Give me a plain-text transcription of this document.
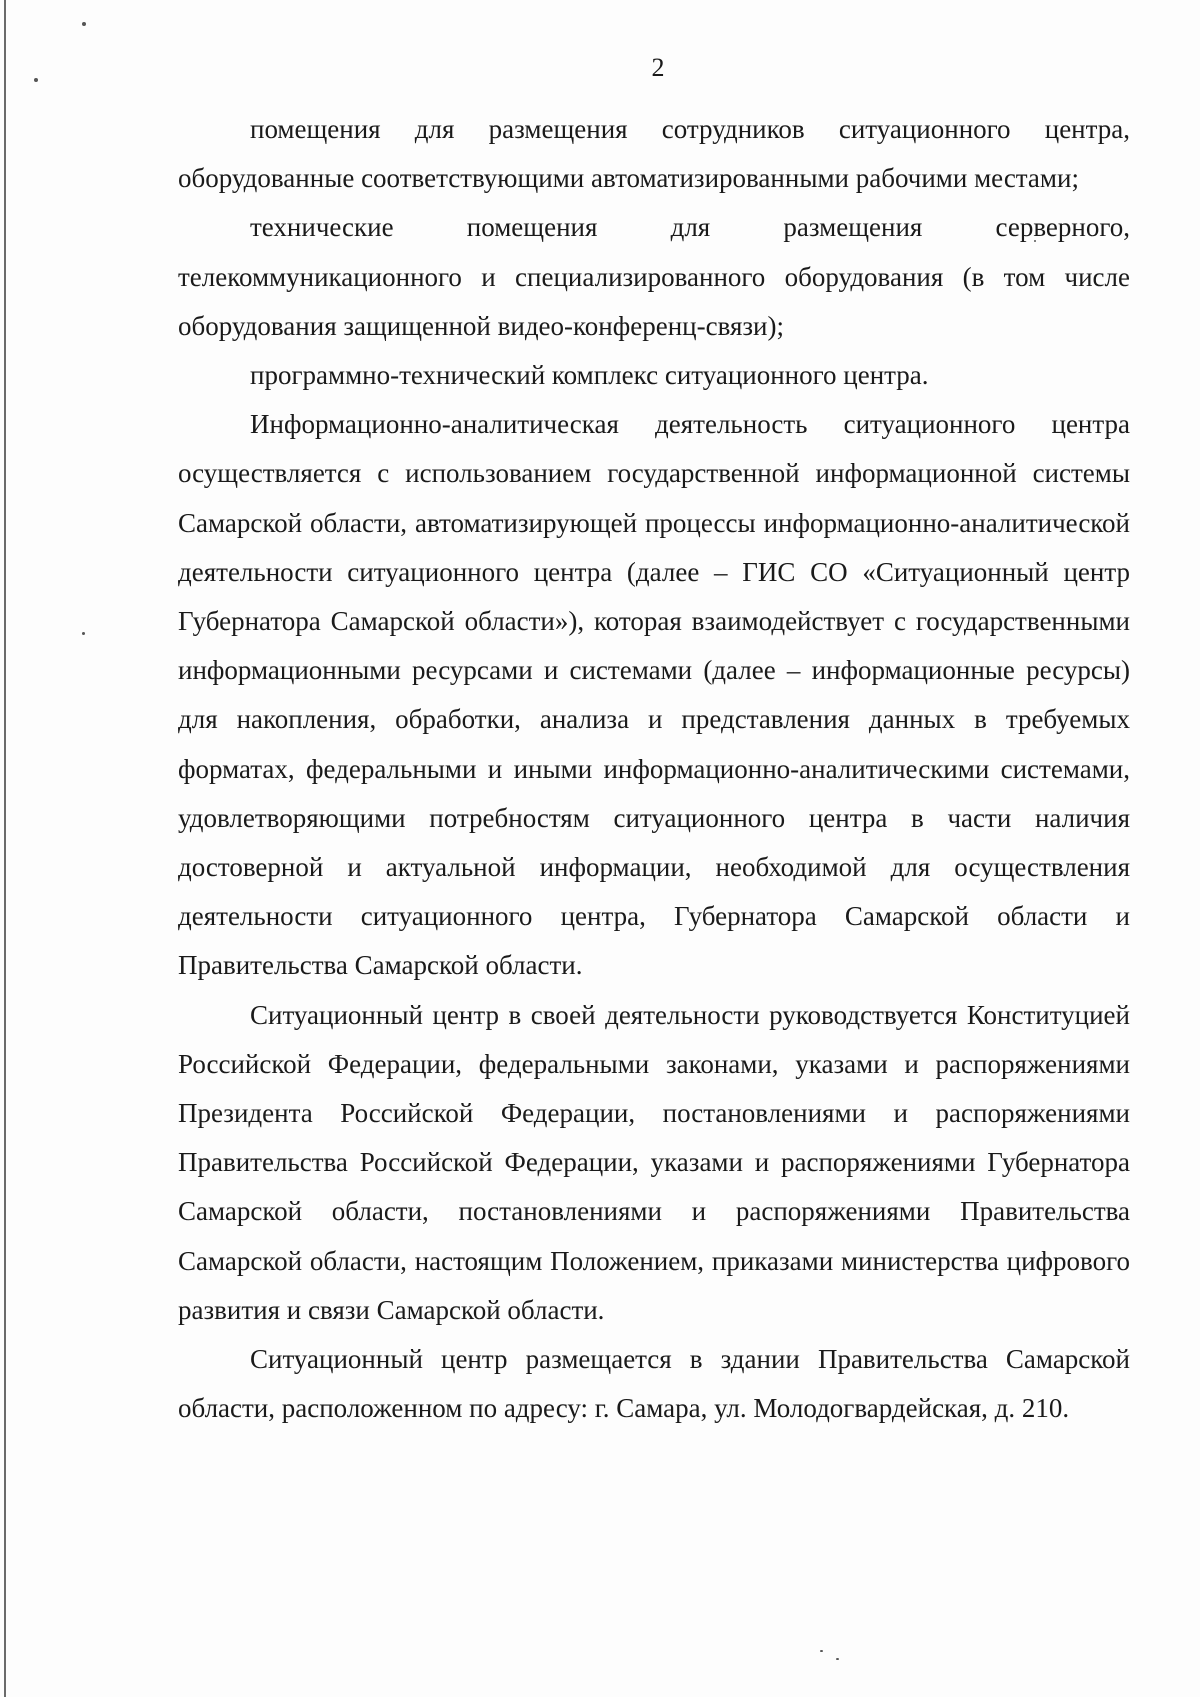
2

помещения для размещения сотрудников ситуационного центра, оборудованные соответствующими автоматизированными рабочими местами;

технические помещения для размещения серверного, телекоммуникационного и специализированного оборудования (в том числе оборудования защищенной видео-конференц-связи);

программно-технический комплекс ситуационного центра.

Информационно-аналитическая деятельность ситуационного центра осуществляется с использованием государственной информационной системы Самарской области, автоматизирующей процессы информационно-аналитической деятельности ситуационного центра (далее – ГИС СО «Ситуационный центр Губернатора Самарской области»), которая взаимодействует с государственными информационными ресурсами и системами (далее – информационные ресурсы) для накопления, обработки, анализа и представления данных в требуемых форматах, федеральными и иными информационно-аналитическими системами, удовлетворяющими потребностям ситуационного центра в части наличия достоверной и актуальной информации, необходимой для осуществления деятельности ситуационного центра, Губернатора Самарской области и Правительства Самарской области.

Ситуационный центр в своей деятельности руководствуется Конституцией Российской Федерации, федеральными законами, указами и распоряжениями Президента Российской Федерации, постановлениями и распоряжениями Правительства Российской Федерации, указами и распоряжениями Губернатора Самарской области, постановлениями и распоряжениями Правительства Самарской области, настоящим Положением, приказами министерства цифрового развития и связи Самарской области.

Ситуационный центр размещается в здании Правительства Самарской области, расположенном по адресу: г. Самара, ул. Молодогвардейская, д. 210.
